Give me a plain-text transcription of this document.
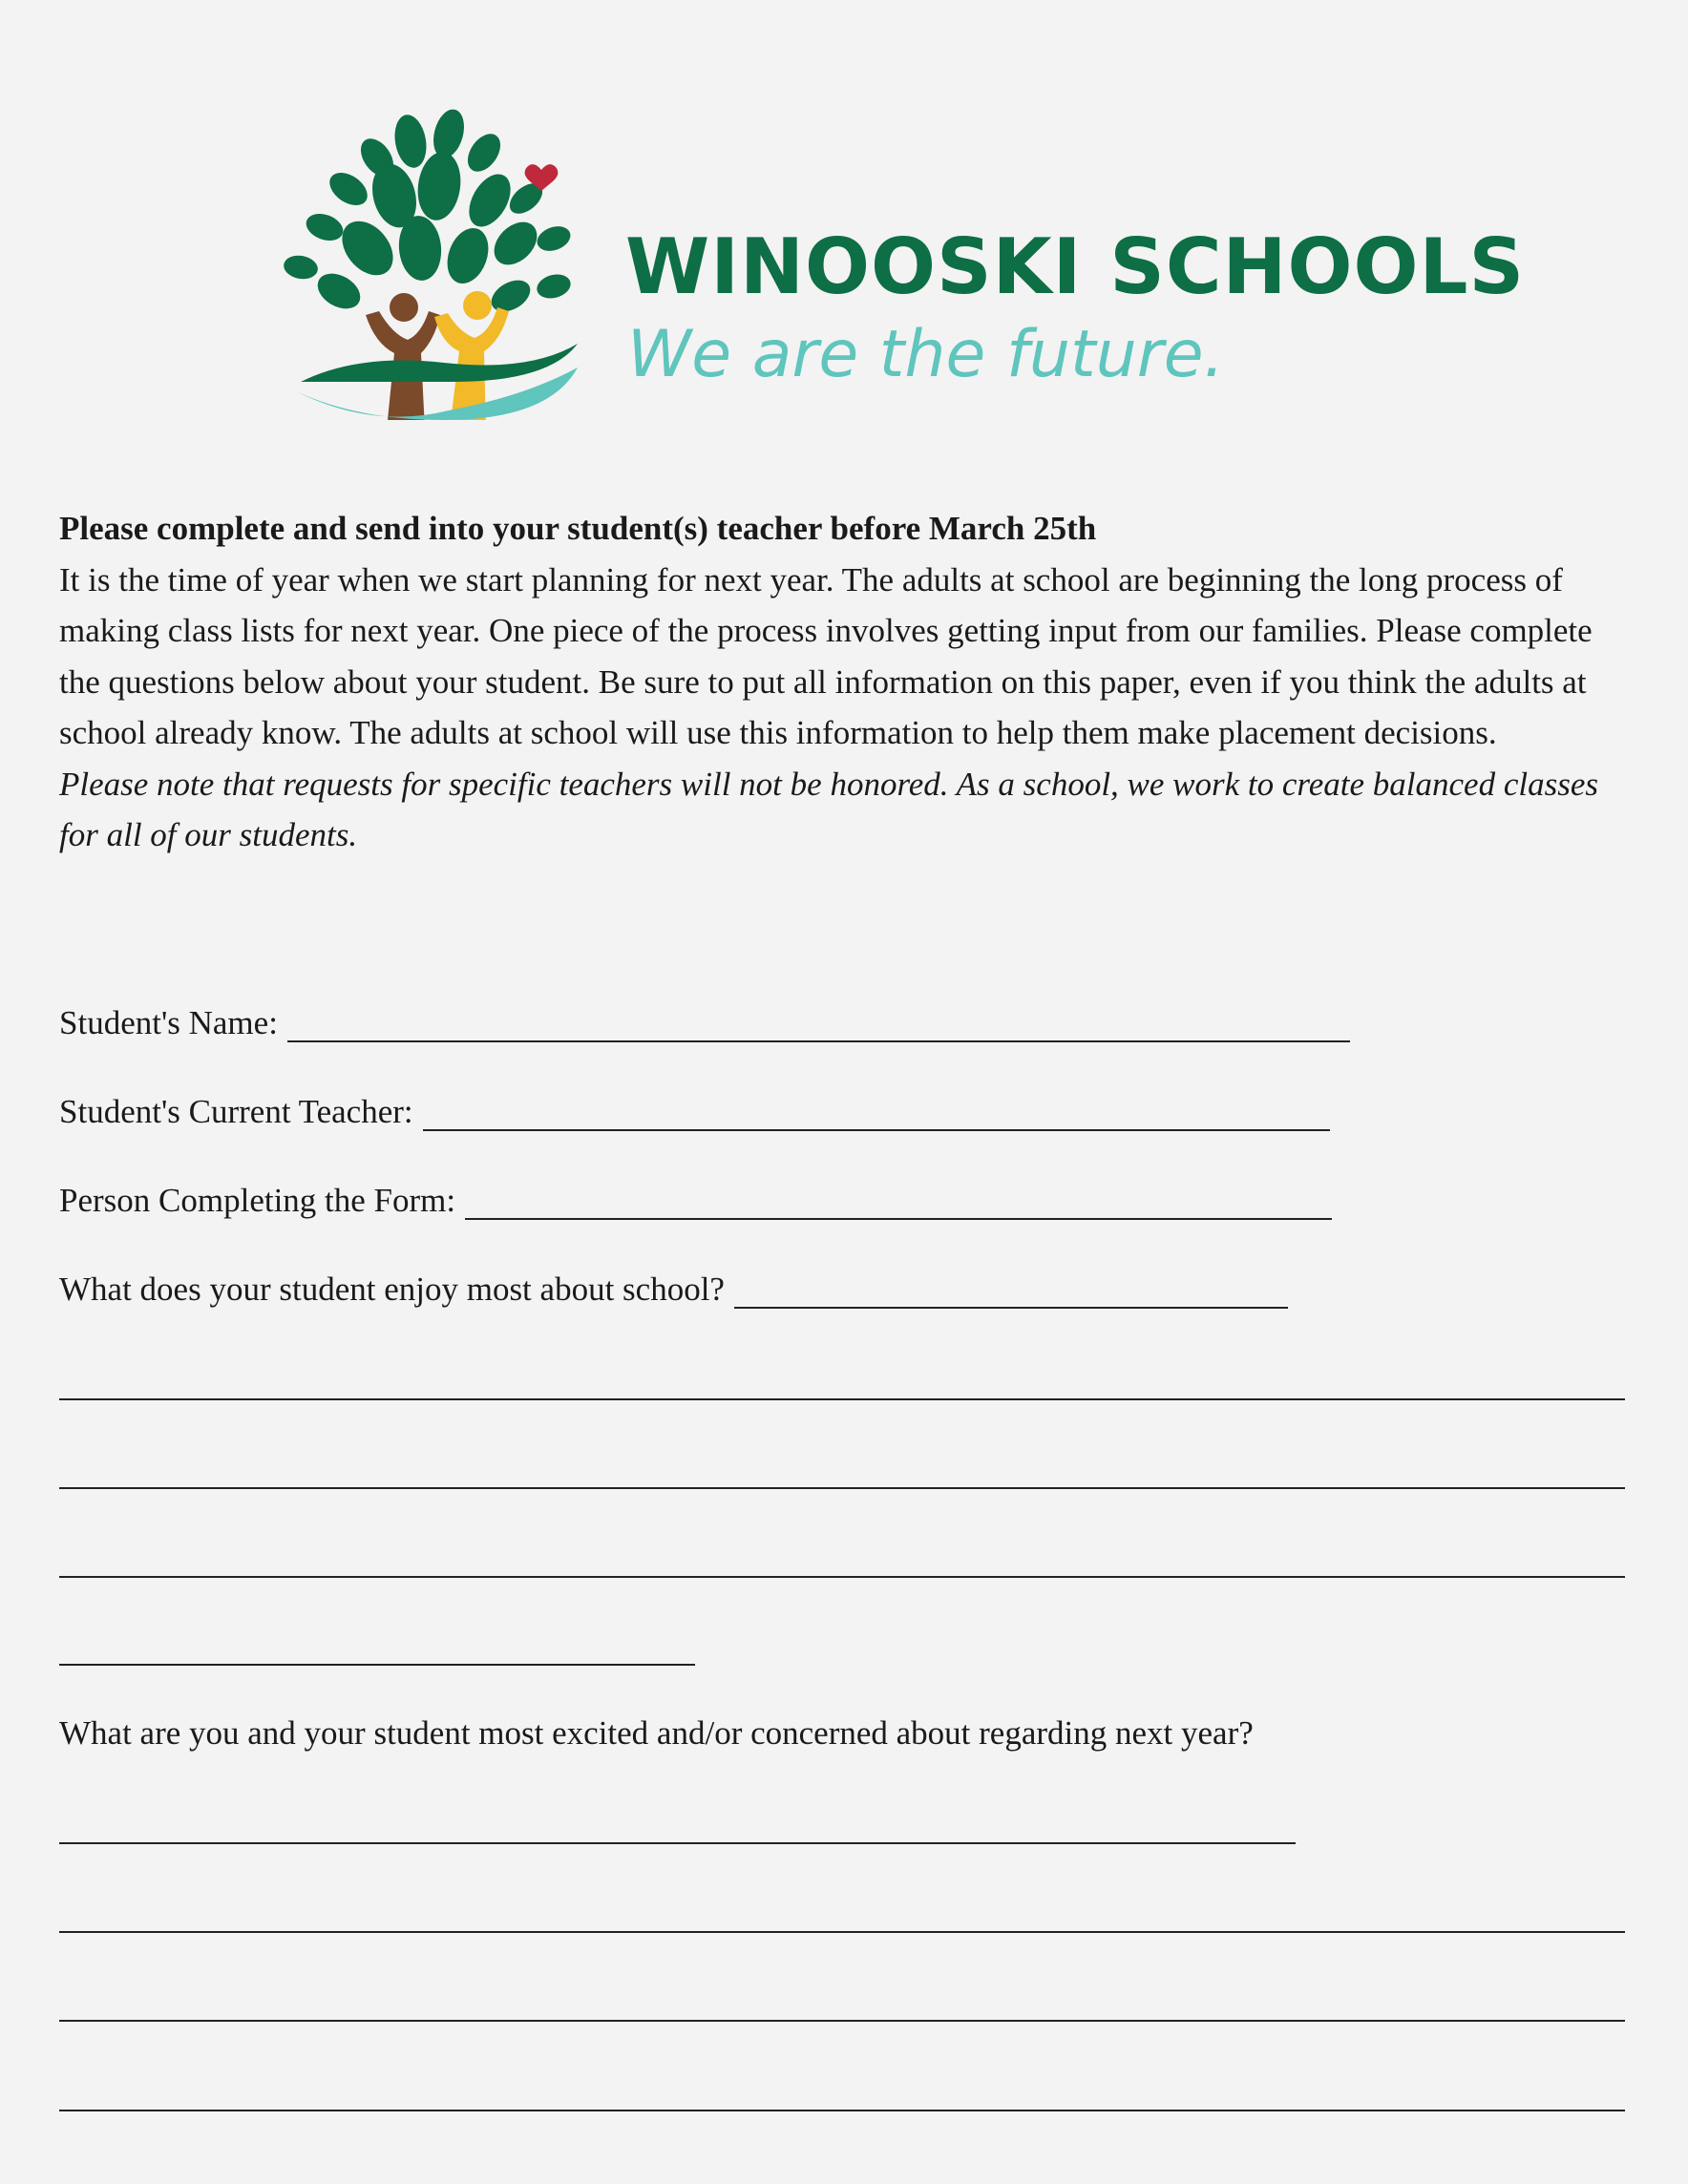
WINOOSKI SCHOOLS
We are the future.
Please complete and send into your student(s) teacher before March 25th

It is the time of year when we start planning for next year. The adults at school are beginning the long process of making class lists for next year. One piece of the process involves getting input from our families. Please complete the questions below about your student. Be sure to put all information on this paper, even if you think the adults at school already know. The adults at school will use this information to help them make placement decisions.

Please note that requests for specific teachers will not be honored. As a school, we work to create balanced classes for all of our students.

Student's Name:
Student's Current Teacher:
Person Completing the Form:
What does your student enjoy most about school?
What are you and your student most excited and/or concerned about regarding next year?
